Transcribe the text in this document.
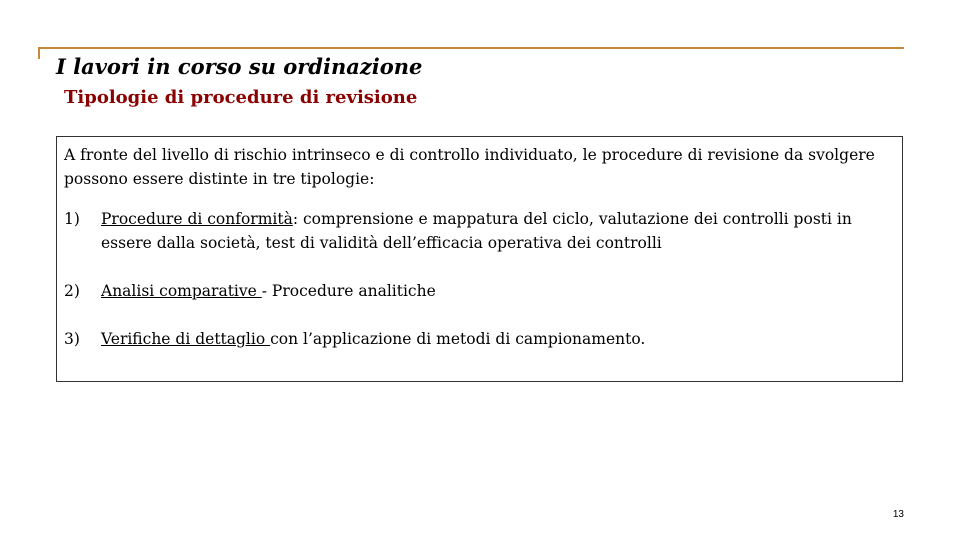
I lavori in corso su ordinazione
Tipologie di procedure di revisione

A fronte del livello di rischio intrinseco e di controllo individuato, le procedure di revisione da svolgere possono essere distinte in tre tipologie:

1)	Procedure di conformità: comprensione e mappatura del ciclo, valutazione dei controlli posti in essere dalla società, test di validità dell’efficacia operativa dei controlli
2)	Analisi comparative - Procedure analitiche
3)	Verifiche di dettaglio con l’applicazione di metodi di campionamento.
13
